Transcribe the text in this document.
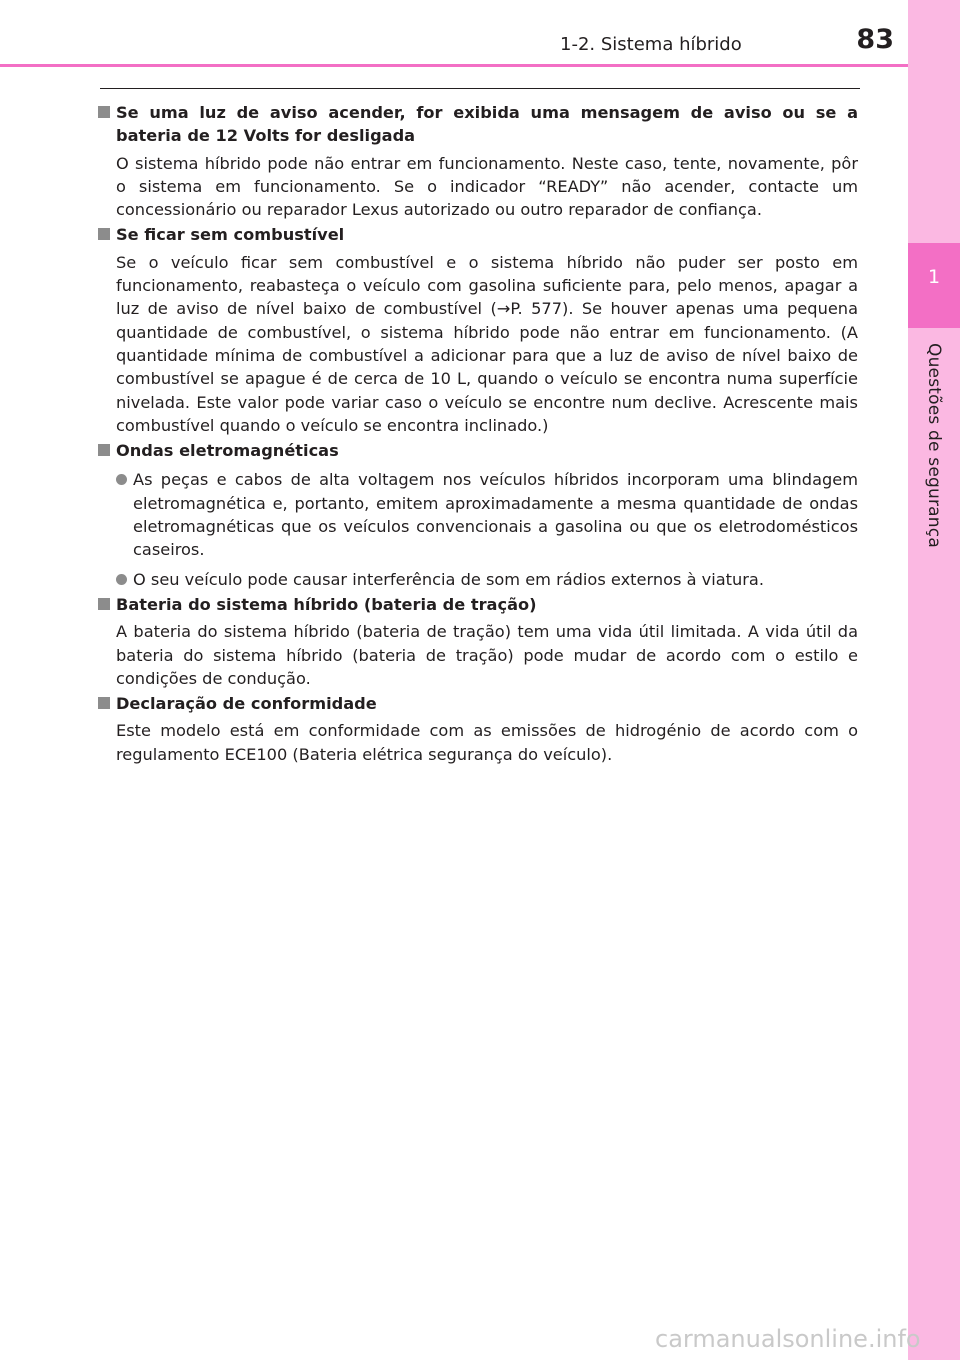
1
Questões de segurança
1-2. Sistema híbrido	83
Se uma luz de aviso acender, for exibida uma mensagem de aviso ou se a bateria de 12 Volts for desligada
O sistema híbrido pode não entrar em funcionamento. Neste caso, tente, novamente, pôr o sistema em funcionamento. Se o indicador “READY” não acender, contacte um concessionário ou reparador Lexus autorizado ou outro reparador de confiança.
Se ficar sem combustível
Se o veículo ficar sem combustível e o sistema híbrido não puder ser posto em funcionamento, reabasteça o veículo com gasolina suficiente para, pelo menos, apagar a luz de aviso de nível baixo de combustível (→P. 577). Se houver apenas uma pequena quantidade de combustível, o sistema híbrido pode não entrar em funcionamento. (A quantidade mínima de combustível a adicionar para que a luz de aviso de nível baixo de combustível se apague é de cerca de 10 L, quando o veículo se encontra numa superfície nivelada. Este valor pode variar caso o veículo se encontre num declive. Acrescente mais combustível quando o veículo se encontra inclinado.)
Ondas eletromagnéticas
As peças e cabos de alta voltagem nos veículos híbridos incorporam uma blindagem eletromagnética e, portanto, emitem aproximadamente a mesma quantidade de ondas eletromagnéticas que os veículos convencionais a gasolina ou que os eletrodomésticos caseiros.
O seu veículo pode causar interferência de som em rádios externos à viatura.
Bateria do sistema híbrido (bateria de tração)
A bateria do sistema híbrido (bateria de tração) tem uma vida útil limitada. A vida útil da bateria do sistema híbrido (bateria de tração) pode mudar de acordo com o estilo e condições de condução.
Declaração de conformidade
Este modelo está em conformidade com as emissões de hidrogénio de acordo com o regulamento ECE100 (Bateria elétrica segurança do veículo).
carmanualsonline.info
